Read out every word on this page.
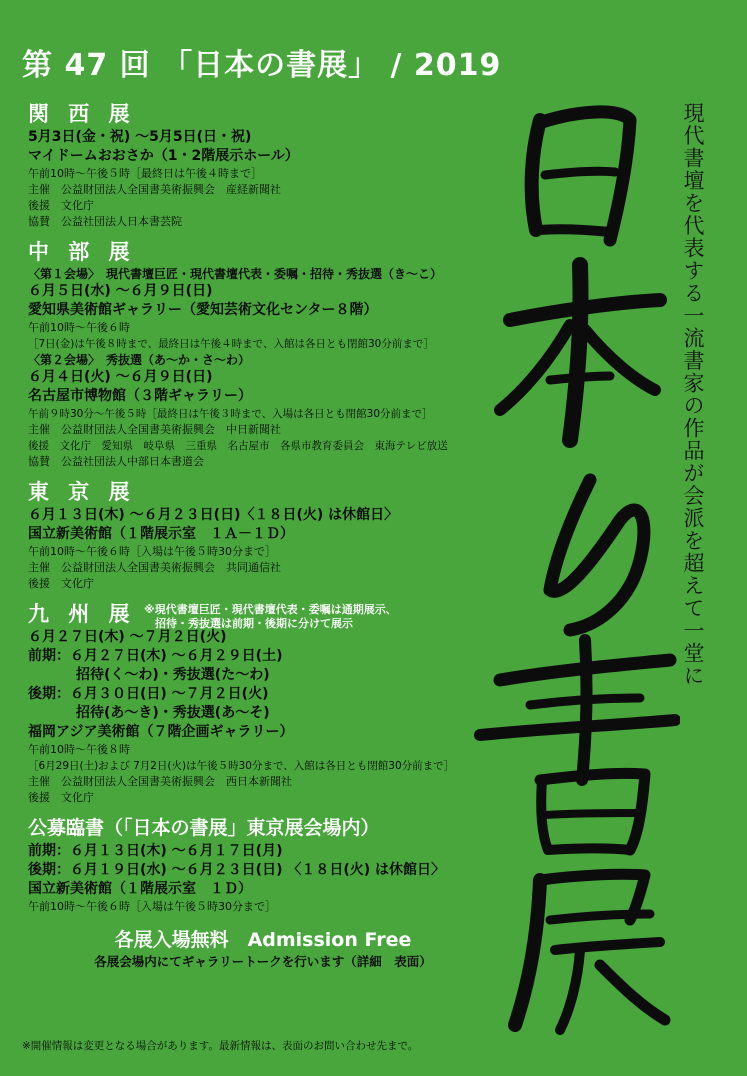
第 47 回 「日本の書展」 / 2019
関 西 展
5月3日(金・祝) ～5月5日(日・祝)
マイドームおおさか（1・2階展示ホール）
午前10時～午後５時［最終日は午後４時まで］
主催　公益財団法人全国書美術振興会　産経新聞社
後援　文化庁
協賛　公益社団法人日本書芸院
中 部 展
〈第１会場〉　現代書壇巨匠・現代書壇代表・委嘱・招待・秀抜選（き～こ）
６月５日(水) ～６月９日(日)
愛知県美術館ギャラリー（愛知芸術文化センター８階）
午前10時～午後６時
［7日(金)は午後８時まで、最終日は午後４時まで、入館は各日とも閉館30分前まで］
〈第２会場〉　秀抜選（あ～か・さ～わ）
６月４日(火) ～６月９日(日)
名古屋市博物館（３階ギャラリー）
午前９時30分～午後５時［最終日は午後３時まで、入場は各日とも閉館30分前まで］
主催　公益財団法人全国書美術振興会　中日新聞社
後援　文化庁　愛知県　岐阜県　三重県　名古屋市　各県市教育委員会　東海テレビ放送
協賛　公益社団法人中部日本書道会
東 京 展
６月１３日(木) ～６月２３日(日)〈１８日(火) は休館日〉
国立新美術館（１階展示室　１Ａ－１Ｄ）
午前10時～午後６時［入場は午後５時30分まで］
主催　公益財団法人全国書美術振興会　共同通信社
後援　文化庁
九 州 展 ※現代書壇巨匠・現代書壇代表・委嘱は通期展示、
　招待・秀抜選は前期・後期に分けて展示
６月２７日(木) ～７月２日(火)
前期：６月２７日(木) ～６月２９日(土)
招待(く～わ)・秀抜選(た～わ)
後期：６月３０日(日) ～７月２日(火)
招待(あ～き)・秀抜選(あ～そ)
福岡アジア美術館（７階企画ギャラリー）
午前10時～午後８時
［6月29日(土)および 7月2日(火)は午後５時30分まで、入館は各日とも閉館30分前まで］
主催　公益財団法人全国書美術振興会　西日本新聞社
後援　文化庁
公募臨書（「日本の書展」東京展会場内）
前期：６月１３日(木) ～６月１７日(月)
後期：６月１９日(水) ～６月２３日(日) 〈１８日(火) は休館日〉
国立新美術館（１階展示室　１Ｄ）
午前10時～午後６時［入場は午後５時30分まで］
各展入場無料　Admission Free
各展会場内にてギャラリートークを行います（詳細　表面）
※開催情報は変更となる場合があります。最新情報は、表面のお問い合わせ先まで。
現代書壇を代表する一流書家の作品が会派を超えて一堂に
